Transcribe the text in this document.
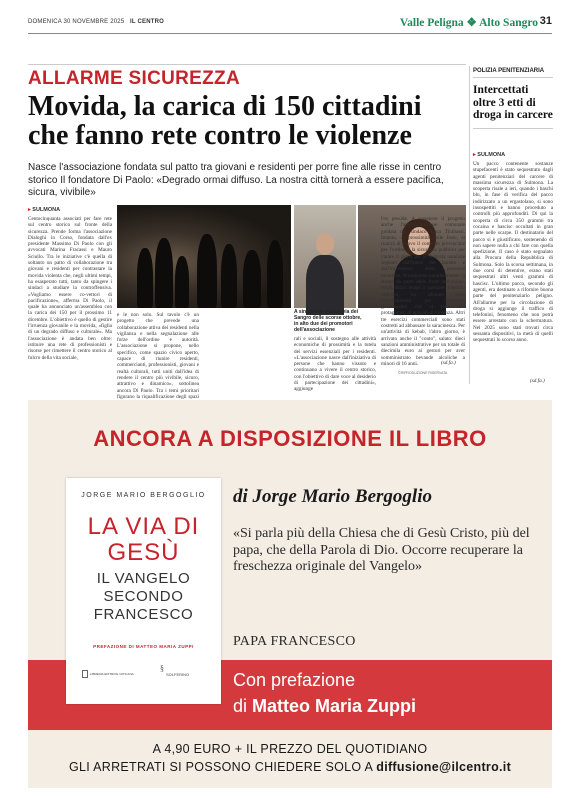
DOMENICA 30 NOVEMBRE 2025 IL CENTRO	Valle Peligna ❖ Alto Sangro 31
ALLARME SICUREZZA
Movida, la carica di 150 cittadini che fanno rete contro le violenze
Nasce l'associazione fondata sul patto tra giovani e residenti per porre fine alle risse in centro storico Il fondatore Di Paolo: «Degrado ormai diffuso. La nostra città tornerà a essere pacifica, sicura, vivibile»
▸ SULMONA
Centocinquanta associati per fare rete sul centro storico sul fronte della sicurezza. Prende forma l'associazione Dialoghi in Corso, fondata dall'ex presidente Massimo Di Paolo con gli avvocati Marina Fracassi e Mauro Sciullo. Tra le iniziative c'è quella di soltanto un patto di collaborazione tra giovani e residenti per contrastare la movida violenta che, negli ultimi tempi, ha esasperato tutti, tanto da spingere i sindaci a studiare la controffensiva. «Vogliamo essere co-vettori di pacificazione», afferma Di Paolo, il quale ha annunciato un'assemblea con la carica dei 150 per il prossimo 11 dicembre. L'obiettivo è quello di gestire l'irruenza giovanile e la movida, «figlia di un degrado diffuso e culturale». Ma l'associazione è andata ben oltre: istituire una rete di professionisti e risorse per rimettere il centro storico al fulcro della vita sociale,
e le non solo. Sul tavolo c'è un progetto che prevede una collaborazione attiva dei residenti nella vigilanza e nella segnalazione alle forze dell'ordine e autorità. L'associazione si propone, nello specifico, come spazio civico aperto, capace di riunire residenti, commercianti, professionisti, giovani e realtà culturali, tutti uniti dall'idea di rendere il centro più vivibile, sicuro, attrattivo e dinamico», sottolinea ancora Di Paolo. Tra i temi prioritari figurano la riqualificazione degli spazi
A sinistra la rissa in via dei Sangro delle scorse ottobre, in alto due dei promotori dell'associazione
rali e sociali, il sostegno alle attività economiche di prossimità e la tutela dei servizi essenziali per i residenti. «L'associazione nasce dall'iniziativa di persone che hanno vissuto e continuano a vivere il centro storico, con l'obiettivo di dare voce al desiderio di partecipazione dei cittadini», aggiunge
l'ex preside. A sostenere il progetto anche l'amministrazione comunale guidata dal sindaco Luca Tirabassi. Intanto, in prossimità delle feste, si riunirà di nuovo il comitato provinciale per l'ordine e la sicurezza pubblica per varare il piano per le festività natalizie segnato dall'intesi dei baretto e dall'incremento delle presenze turistiche. Proseguono parallelamente la stretta da parte delle forze dell'ordine. Negli ultimi tempi il questore, Fabrizio Mancini, ha adottato sette provvedimenti per altrettanti giovanissimi che si sono resi protagonisti di episodi di violenza. Altri tre esercizi commerciali sono stati costretti ad abbassare la saracinesca. Per un'attività di kebab, l'altro giorno, è arrivato anche il "conto", salato: dieci sanzioni amministrative per un totale di diecimila euro ai gestori per aver somministrato bevande alcoliche a minori di 16 anni.	(sd.fa.)
©RIPRODUZIONE RISERVATA
POLIZIA PENITENZIARIA
Intercettati oltre 3 etti di droga in carcere
▸ SULMONA
Un pacco contenente sostanze stupefacenti è stato sequestrato dagli agenti penitenziari del carcere di massima sicurezza di Sulmona. La scoperta risale a ieri, quando i baschi blu, in fase di verifica del pacco indirizzato a un ergastolano, si sono insospettiti e hanno proceduto a controlli più approfonditi. Di qui la scoperta di circa 350 grammi tra cocaina e hascisc occultati in gran parte nelle scarpe. Il destinatario del pacco si è giustificato, sostenendo di non sapere nulla a chi fare con quella spedizione. Il caso è stato segnalato alla Procura della Repubblica di Sulmona. Solo la scorsa settimana, in due corsi di detentive, erano stati sequestrati altri venti grammi di hascisc. L'ultimo pacco, secondo gli agenti, era destinato a rifornire buona parte del penitenziario peligno. All'allarme per la circolazione di droga si aggiunge il traffico di telefonini, fenomeno che non potrà essere arrestato con la schermatura. Nel 2025 sono stati trovati circa sessanta dispositivi, la metà di quelli sequestrati lo scorso anno.
(sd.fa.)
ANCORA A DISPOSIZIONE IL LIBRO
di Jorge Mario Bergoglio
«Si parla più della Chiesa che di Gesù Cristo, più del papa, che della Parola di Dio. Occorre recuperare la freschezza originale del Vangelo»
PAPA FRANCESCO
Con prefazione
di Matteo Maria Zuppi
JORGE MARIO BERGOGLIO
LA VIA DI GESÙ
IL VANGELO SECONDO FRANCESCO
PREFAZIONE DI MATTEO MARIA ZUPPI
LIBRERIA EDITRICE VATICANA
§
SOLFERINO
A 4,90 EURO + IL PREZZO DEL QUOTIDIANO
GLI ARRETRATI SI POSSONO CHIEDERE SOLO A diffusione@ilcentro.it
